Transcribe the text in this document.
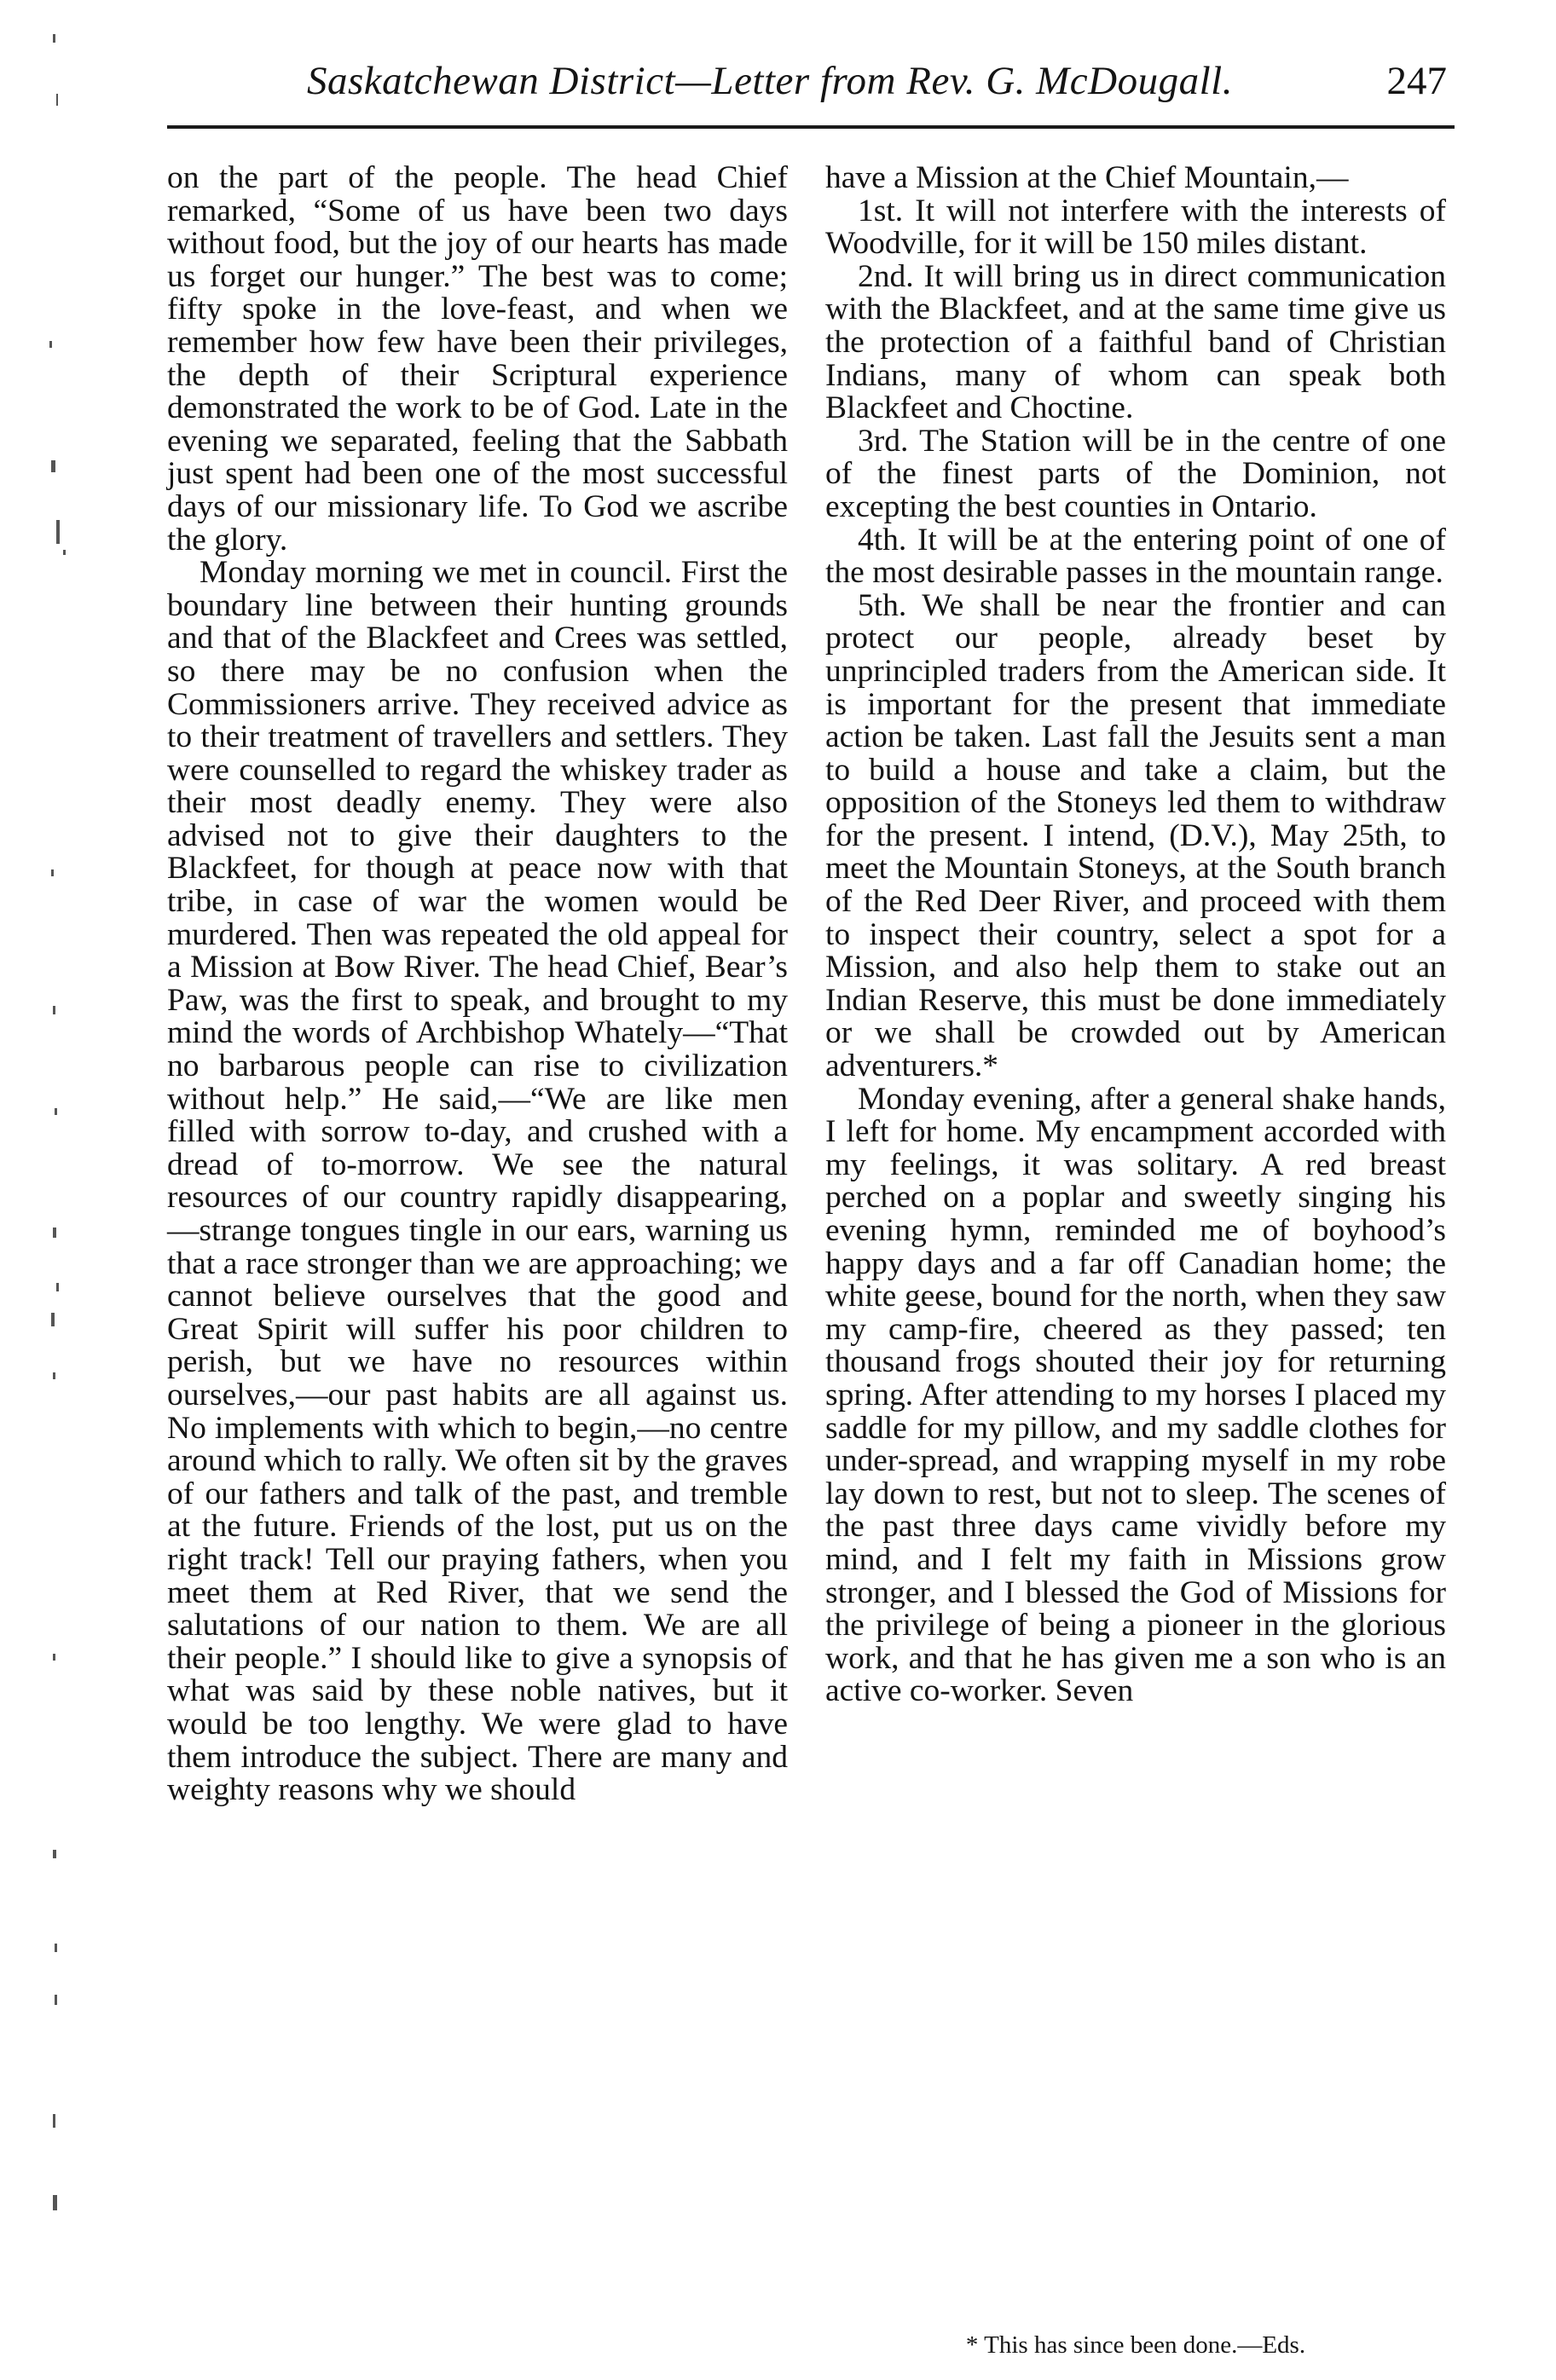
Saskatchewan District—Letter from Rev. G. McDougall.	247

on the part of the people. The head Chief remarked, “Some of us have been two days without food, but the joy of our hearts has made us forget our hunger.” The best was to come; fifty spoke in the love-feast, and when we remember how few have been their privileges, the depth of their Scriptural experience demonstrated the work to be of God. Late in the evening we separated, feeling that the Sabbath just spent had been one of the most successful days of our missionary life. To God we ascribe the glory.

Monday morning we met in council. First the boundary line between their hunting grounds and that of the Blackfeet and Crees was settled, so there may be no confusion when the Commissioners arrive. They received advice as to their treatment of travellers and settlers. They were counselled to regard the whiskey trader as their most deadly enemy. They were also advised not to give their daughters to the Blackfeet, for though at peace now with that tribe, in case of war the women would be murdered. Then was repeated the old appeal for a Mission at Bow River. The head Chief, Bear’s Paw, was the first to speak, and brought to my mind the words of Archbishop Whately—“That no barbarous people can rise to civilization without help.” He said,—“We are like men filled with sorrow to-day, and crushed with a dread of to-morrow. We see the natural resources of our country rapidly disappearing,—strange tongues tingle in our ears, warning us that a race stronger than we are approaching; we cannot believe ourselves that the good and Great Spirit will suffer his poor children to perish, but we have no resources within ourselves,—our past habits are all against us. No implements with which to begin,—no centre around which to rally. We often sit by the graves of our fathers and talk of the past, and tremble at the future. Friends of the lost, put us on the right track! Tell our praying fathers, when you meet them at Red River, that we send the salutations of our nation to them. We are all their people.” I should like to give a synopsis of what was said by these noble natives, but it would be too lengthy. We were glad to have them introduce the subject. There are many and weighty reasons why we should

have a Mission at the Chief Mountain,—

1st. It will not interfere with the interests of Woodville, for it will be 150 miles distant.

2nd. It will bring us in direct communication with the Blackfeet, and at the same time give us the protection of a faithful band of Christian Indians, many of whom can speak both Blackfeet and Choctine.

3rd. The Station will be in the centre of one of the finest parts of the Dominion, not excepting the best counties in Ontario.

4th. It will be at the entering point of one of the most desirable passes in the mountain range.

5th. We shall be near the frontier and can protect our people, already beset by unprincipled traders from the American side. It is important for the present that immediate action be taken. Last fall the Jesuits sent a man to build a house and take a claim, but the opposition of the Stoneys led them to withdraw for the present. I intend, (D.V.), May 25th, to meet the Mountain Stoneys, at the South branch of the Red Deer River, and proceed with them to inspect their country, select a spot for a Mission, and also help them to stake out an Indian Reserve, this must be done immediately or we shall be crowded out by American adventurers.*

Monday evening, after a general shake hands, I left for home. My encampment accorded with my feelings, it was solitary. A red breast perched on a poplar and sweetly singing his evening hymn, reminded me of boyhood’s happy days and a far off Canadian home; the white geese, bound for the north, when they saw my camp-fire, cheered as they passed; ten thousand frogs shouted their joy for returning spring. After attending to my horses I placed my saddle for my pillow, and my saddle clothes for under-spread, and wrapping myself in my robe lay down to rest, but not to sleep. The scenes of the past three days came vividly before my mind, and I felt my faith in Missions grow stronger, and I blessed the God of Missions for the privilege of being a pioneer in the glorious work, and that he has given me a son who is an active co-worker. Seven

* This has since been done.—Eds.
